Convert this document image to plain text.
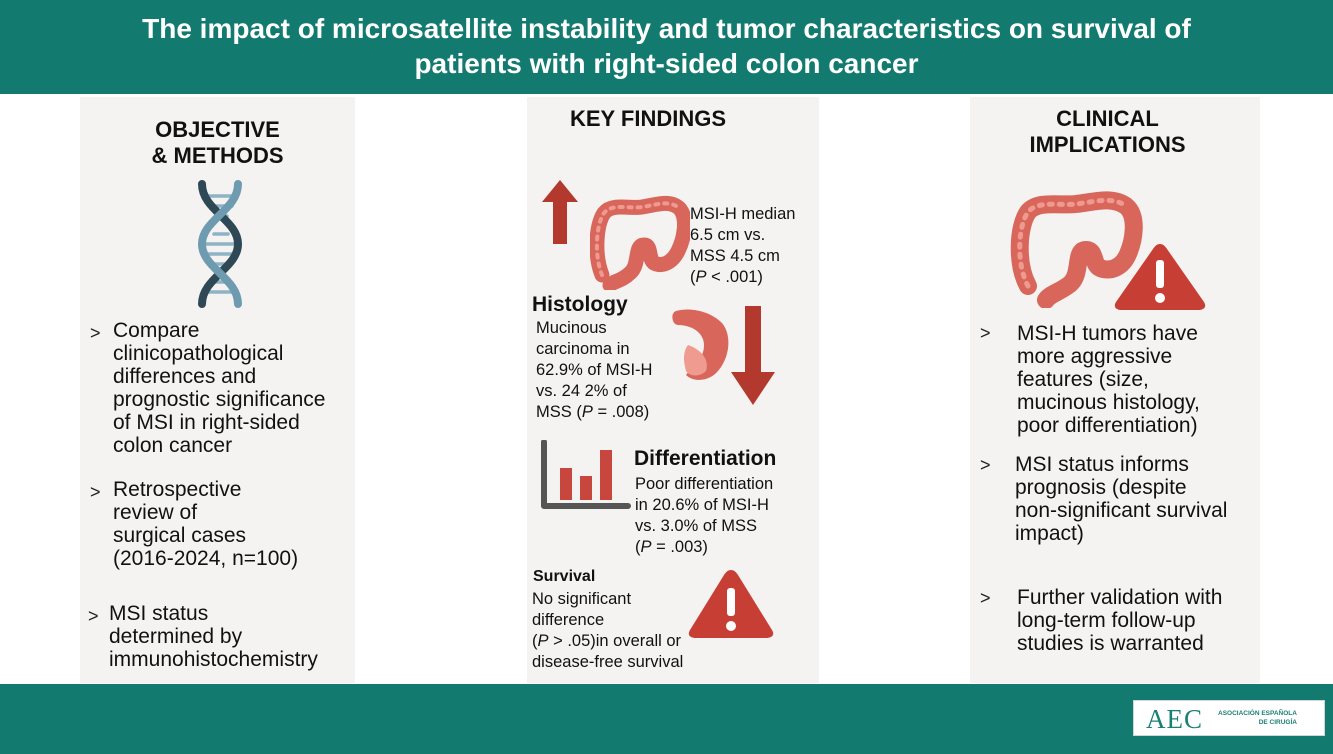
The impact of microsatellite instability and tumor characteristics on survival of
patients with right-sided colon cancer
OBJECTIVE
& METHODS
> Compare
clinicopathological
differences and
prognostic significance
of MSI in right-sided
colon cancer
> Retrospective
review of
surgical cases
(2016-2024, n=100)
> MSI status
determined by
immunohistochemistry
KEY FINDINGS
MSI-H median
6.5 cm vs.
MSS 4.5 cm
(P < .001)
Histology
Mucinous
carcinoma in
62.9% of MSI-H
vs. 24 2% of
MSS (P = .008)
Differentiation
Poor differentiation
in 20.6% of MSI-H
vs. 3.0% of MSS
(P = .003)
Survival
No significant
difference
(P > .05)in overall or
disease-free survival
CLINICAL
IMPLICATIONS
> MSI-H tumors have
more aggressive
features (size,
mucinous histology,
poor differentiation)
> MSI status informs
prognosis (despite
non-significant survival
impact)
> Further validation with
long-term follow-up
studies is warranted
AEC ASOCIACIÓN ESPAÑOLA
DE CIRUGÍA
